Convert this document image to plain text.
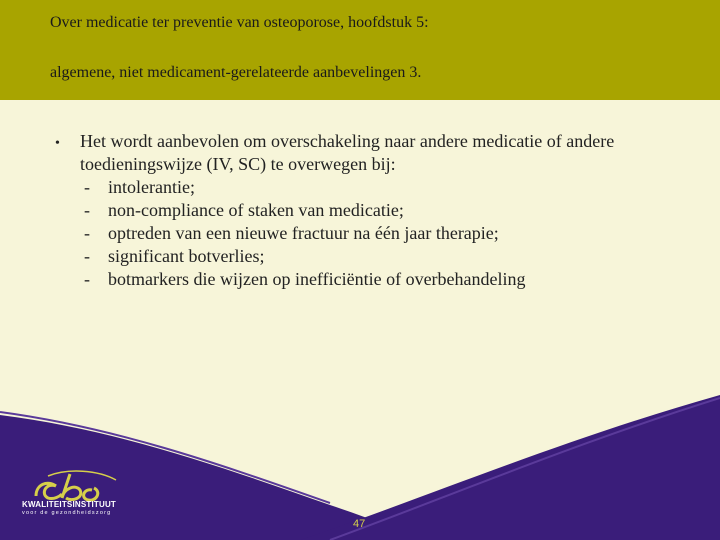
Over medicatie ter preventie van osteoporose, hoofdstuk 5:
algemene, niet medicament-gerelateerde aanbevelingen 3.
• Het wordt aanbevolen om overschakeling naar andere medicatie of andere toedieningswijze (IV, SC) te overwegen bij:
- intolerantie;
- non-compliance of staken van medicatie;
- optreden van een nieuwe fractuur na één jaar therapie;
- significant botverlies;
- botmarkers die wijzen op inefficiëntie of overbehandeling
KWALITEITSINSTITUUT
voor de gezondheidszorg
47
